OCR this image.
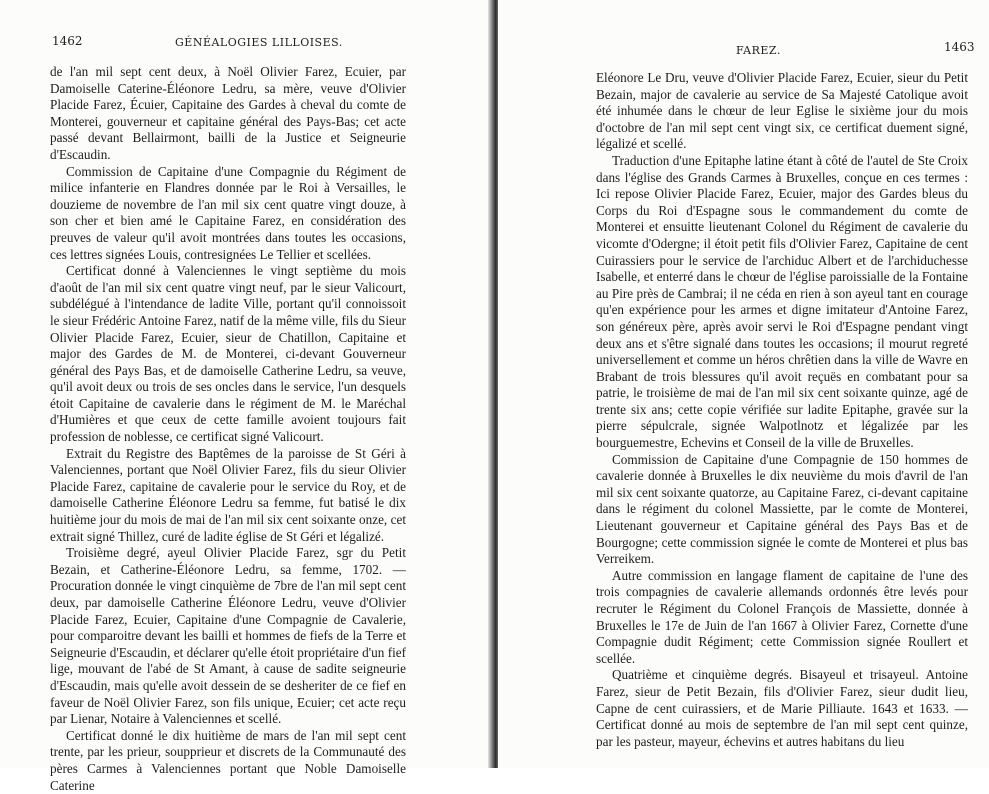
1462	GÉNÉALOGIES LILLOISES.

de l'an mil sept cent deux, à Noël Olivier Farez, Ecuier, par Damoiselle Caterine-Éléonore Ledru, sa mère, veuve d'Olivier Placide Farez, Écuier, Capitaine des Gardes à cheval du comte de Monterei, gouverneur et capitaine général des Pays-Bas; cet acte passé devant Bellairmont, bailli de la Justice et Seigneurie d'Escaudin.

Commission de Capitaine d'une Compagnie du Régiment de milice infanterie en Flandres donnée par le Roi à Versailles, le douzieme de novembre de l'an mil six cent quatre vingt douze, à son cher et bien amé le Capitaine Farez, en considération des preuves de valeur qu'il avoit montrées dans toutes les occasions, ces lettres signées Louis, contresignées Le Tellier et scellées.

Certificat donné à Valenciennes le vingt septième du mois d'août de l'an mil six cent quatre vingt neuf, par le sieur Valicourt, subdélégué à l'intendance de ladite Ville, portant qu'il connoissoit le sieur Frédéric Antoine Farez, natif de la même ville, fils du Sieur Olivier Placide Farez, Ecuier, sieur de Chatillon, Capitaine et major des Gardes de M. de Monterei, ci-devant Gouverneur général des Pays Bas, et de damoiselle Catherine Ledru, sa veuve, qu'il avoit deux ou trois de ses oncles dans le service, l'un desquels étoit Capitaine de cavalerie dans le régiment de M. le Maréchal d'Humières et que ceux de cette famille avoient toujours fait profession de noblesse, ce certificat signé Valicourt.

Extrait du Registre des Baptêmes de la paroisse de St Géri à Valenciennes, portant que Noël Olivier Farez, fils du sieur Olivier Placide Farez, capitaine de cavalerie pour le service du Roy, et de damoiselle Catherine Éléonore Ledru sa femme, fut batisé le dix huitième jour du mois de mai de l'an mil six cent soixante onze, cet extrait signé Thillez, curé de ladite église de St Géri et légalizé.

Troisième degré, ayeul Olivier Placide Farez, sgr du Petit Bezain, et Catherine-Éléonore Ledru, sa femme, 1702. — Procuration donnée le vingt cinquième de 7bre de l'an mil sept cent deux, par damoiselle Catherine Éléonore Ledru, veuve d'Olivier Placide Farez, Ecuier, Capitaine d'une Compagnie de Cavalerie, pour comparoitre devant les bailli et hommes de fiefs de la Terre et Seigneurie d'Escaudin, et déclarer qu'elle étoit propriétaire d'un fief lige, mouvant de l'abé de St Amant, à cause de sadite seigneurie d'Escaudin, mais qu'elle avoit dessein de se desheriter de ce fief en faveur de Noël Olivier Farez, son fils unique, Ecuier; cet acte reçu par Lienar, Notaire à Valenciennes et scellé.

Certificat donné le dix huitième de mars de l'an mil sept cent trente, par les prieur, soupprieur et discrets de la Communauté des pères Carmes à Valenciennes portant que Noble Damoiselle Caterine

FAREZ.	1463

Eléonore Le Dru, veuve d'Olivier Placide Farez, Ecuier, sieur du Petit Bezain, major de cavalerie au service de Sa Majesté Catolique avoit été inhumée dans le chœur de leur Eglise le sixième jour du mois d'octobre de l'an mil sept cent vingt six, ce certificat duement signé, légalizé et scellé.

Traduction d'une Epitaphe latine étant à côté de l'autel de Ste Croix dans l'église des Grands Carmes à Bruxelles, conçue en ces termes : Ici repose Olivier Placide Farez, Ecuier, major des Gardes bleus du Corps du Roi d'Espagne sous le commandement du comte de Monterei et ensuitte lieutenant Colonel du Régiment de cavalerie du vicomte d'Odergne; il étoit petit fils d'Olivier Farez, Capitaine de cent Cuirassiers pour le service de l'archiduc Albert et de l'archiduchesse Isabelle, et enterré dans le chœur de l'église paroissialle de la Fontaine au Pire près de Cambrai; il ne céda en rien à son ayeul tant en courage qu'en expérience pour les armes et digne imitateur d'Antoine Farez, son généreux père, après avoir servi le Roi d'Espagne pendant vingt deux ans et s'être signalé dans toutes les occasions; il mourut regreté universellement et comme un héros chrêtien dans la ville de Wavre en Brabant de trois blessures qu'il avoit reçuës en combatant pour sa patrie, le troisième de mai de l'an mil six cent soixante quinze, agé de trente six ans; cette copie vérifiée sur ladite Epitaphe, gravée sur la pierre sépulcrale, signée Walpotlnotz et légalizée par les bourguemestre, Echevins et Conseil de la ville de Bruxelles.

Commission de Capitaine d'une Compagnie de 150 hommes de cavalerie donnée à Bruxelles le dix neuvième du mois d'avril de l'an mil six cent soixante quatorze, au Capitaine Farez, ci-devant capitaine dans le régiment du colonel Massiette, par le comte de Monterei, Lieutenant gouverneur et Capitaine général des Pays Bas et de Bourgogne; cette commission signée le comte de Monterei et plus bas Verreikem.

Autre commission en langage flament de capitaine de l'une des trois compagnies de cavalerie allemands ordonnés être levés pour recruter le Régiment du Colonel François de Massiette, donnée à Bruxelles le 17e de Juin de l'an 1667 à Olivier Farez, Cornette d'une Compagnie dudit Régiment; cette Commission signée Roullert et scellée.

Quatrième et cinquième degrés. Bisayeul et trisayeul. Antoine Farez, sieur de Petit Bezain, fils d'Olivier Farez, sieur dudit lieu, Capne de cent cuirassiers, et de Marie Pilliaute. 1643 et 1633. — Certificat donné au mois de septembre de l'an mil sept cent quinze, par les pasteur, mayeur, échevins et autres habitans du lieu
